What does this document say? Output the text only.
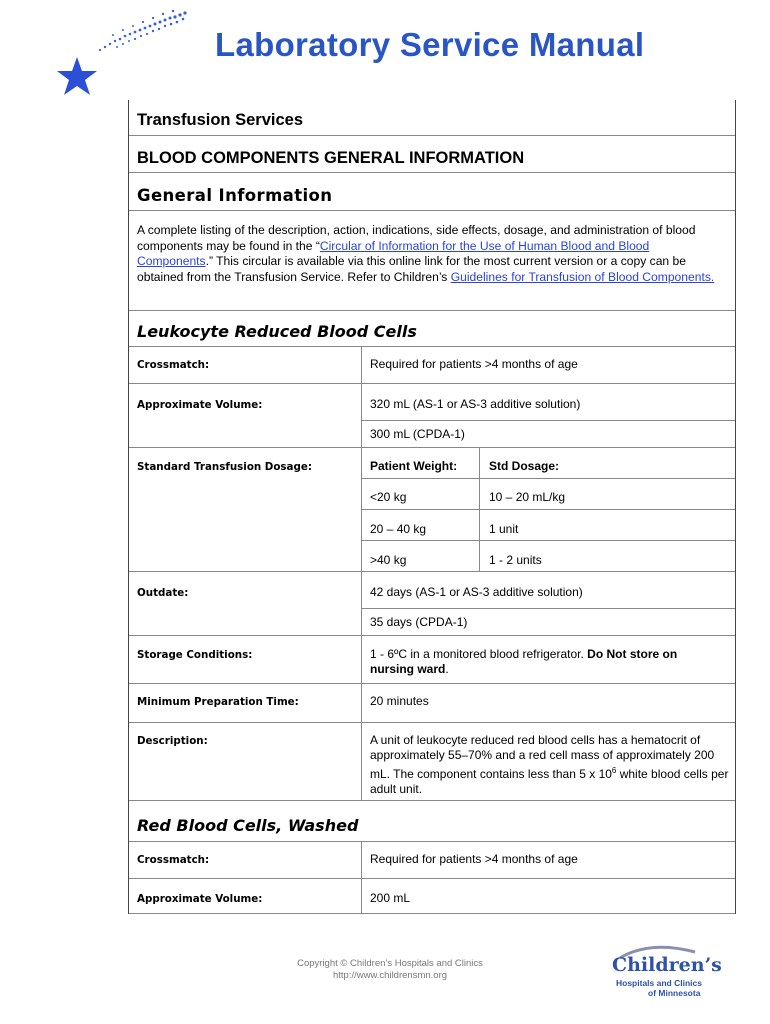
Laboratory Service Manual
Transfusion Services
BLOOD COMPONENTS GENERAL INFORMATION
General Information
A complete listing of the description, action, indications, side effects, dosage, and administration of blood components may be found in the “Circular of Information for the Use of Human Blood and Blood Components.” This circular is available via this online link for the most current version or a copy can be obtained from the Transfusion Service. Refer to Children’s Guidelines for Transfusion of Blood Components.
Leukocyte Reduced Blood Cells
Crossmatch:	Required for patients >4 months of age
Approximate Volume:	320 mL (AS-1 or AS-3 additive solution)
300 mL (CPDA-1)
Standard Transfusion Dosage:	Patient Weight:	Std Dosage:
<20 kg	10 – 20 mL/kg
20 – 40 kg	1 unit
>40 kg	1 - 2 units
Outdate:	42 days (AS-1 or AS-3 additive solution)
35 days (CPDA-1)
Storage Conditions:	1 - 6ºC in a monitored blood refrigerator. Do Not store on nursing ward.
Minimum Preparation Time:	20 minutes
Description:	A unit of leukocyte reduced red blood cells has a hematocrit of approximately 55–70% and a red cell mass of approximately 200 mL. The component contains less than 5 x $10^6$ white blood cells per adult unit.
Red Blood Cells, Washed
Crossmatch:	Required for patients >4 months of age
Approximate Volume:	200 mL
Copyright © Children’s Hospitals and Clinics
http://www.childrensmn.org	Children’s
Hospitals and Clinics
of Minnesota
